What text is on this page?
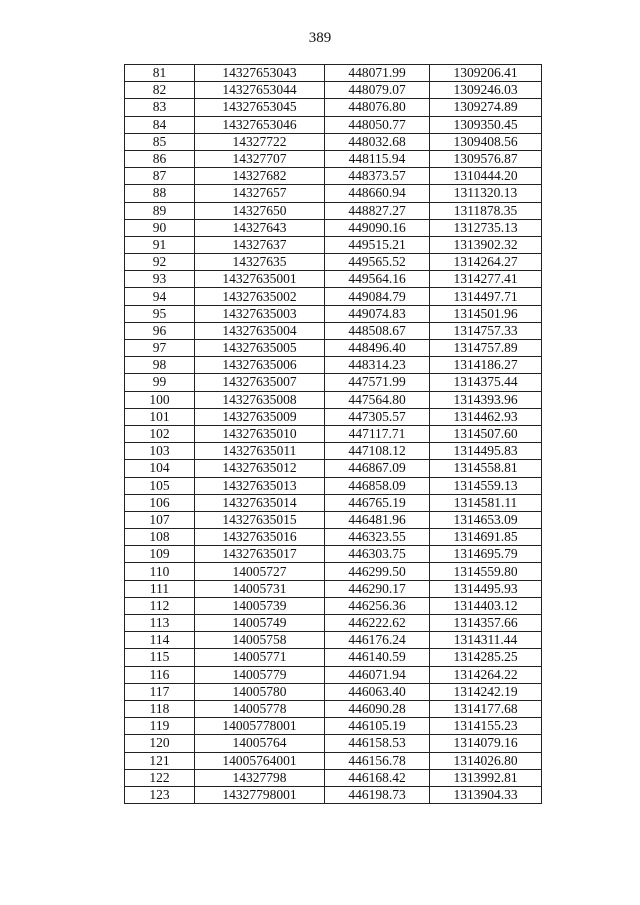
389
81	14327653043	448071.99	1309206.41
82	14327653044	448079.07	1309246.03
83	14327653045	448076.80	1309274.89
84	14327653046	448050.77	1309350.45
85	14327722	448032.68	1309408.56
86	14327707	448115.94	1309576.87
87	14327682	448373.57	1310444.20
88	14327657	448660.94	1311320.13
89	14327650	448827.27	1311878.35
90	14327643	449090.16	1312735.13
91	14327637	449515.21	1313902.32
92	14327635	449565.52	1314264.27
93	14327635001	449564.16	1314277.41
94	14327635002	449084.79	1314497.71
95	14327635003	449074.83	1314501.96
96	14327635004	448508.67	1314757.33
97	14327635005	448496.40	1314757.89
98	14327635006	448314.23	1314186.27
99	14327635007	447571.99	1314375.44
100	14327635008	447564.80	1314393.96
101	14327635009	447305.57	1314462.93
102	14327635010	447117.71	1314507.60
103	14327635011	447108.12	1314495.83
104	14327635012	446867.09	1314558.81
105	14327635013	446858.09	1314559.13
106	14327635014	446765.19	1314581.11
107	14327635015	446481.96	1314653.09
108	14327635016	446323.55	1314691.85
109	14327635017	446303.75	1314695.79
110	14005727	446299.50	1314559.80
111	14005731	446290.17	1314495.93
112	14005739	446256.36	1314403.12
113	14005749	446222.62	1314357.66
114	14005758	446176.24	1314311.44
115	14005771	446140.59	1314285.25
116	14005779	446071.94	1314264.22
117	14005780	446063.40	1314242.19
118	14005778	446090.28	1314177.68
119	14005778001	446105.19	1314155.23
120	14005764	446158.53	1314079.16
121	14005764001	446156.78	1314026.80
122	14327798	446168.42	1313992.81
123	14327798001	446198.73	1313904.33
